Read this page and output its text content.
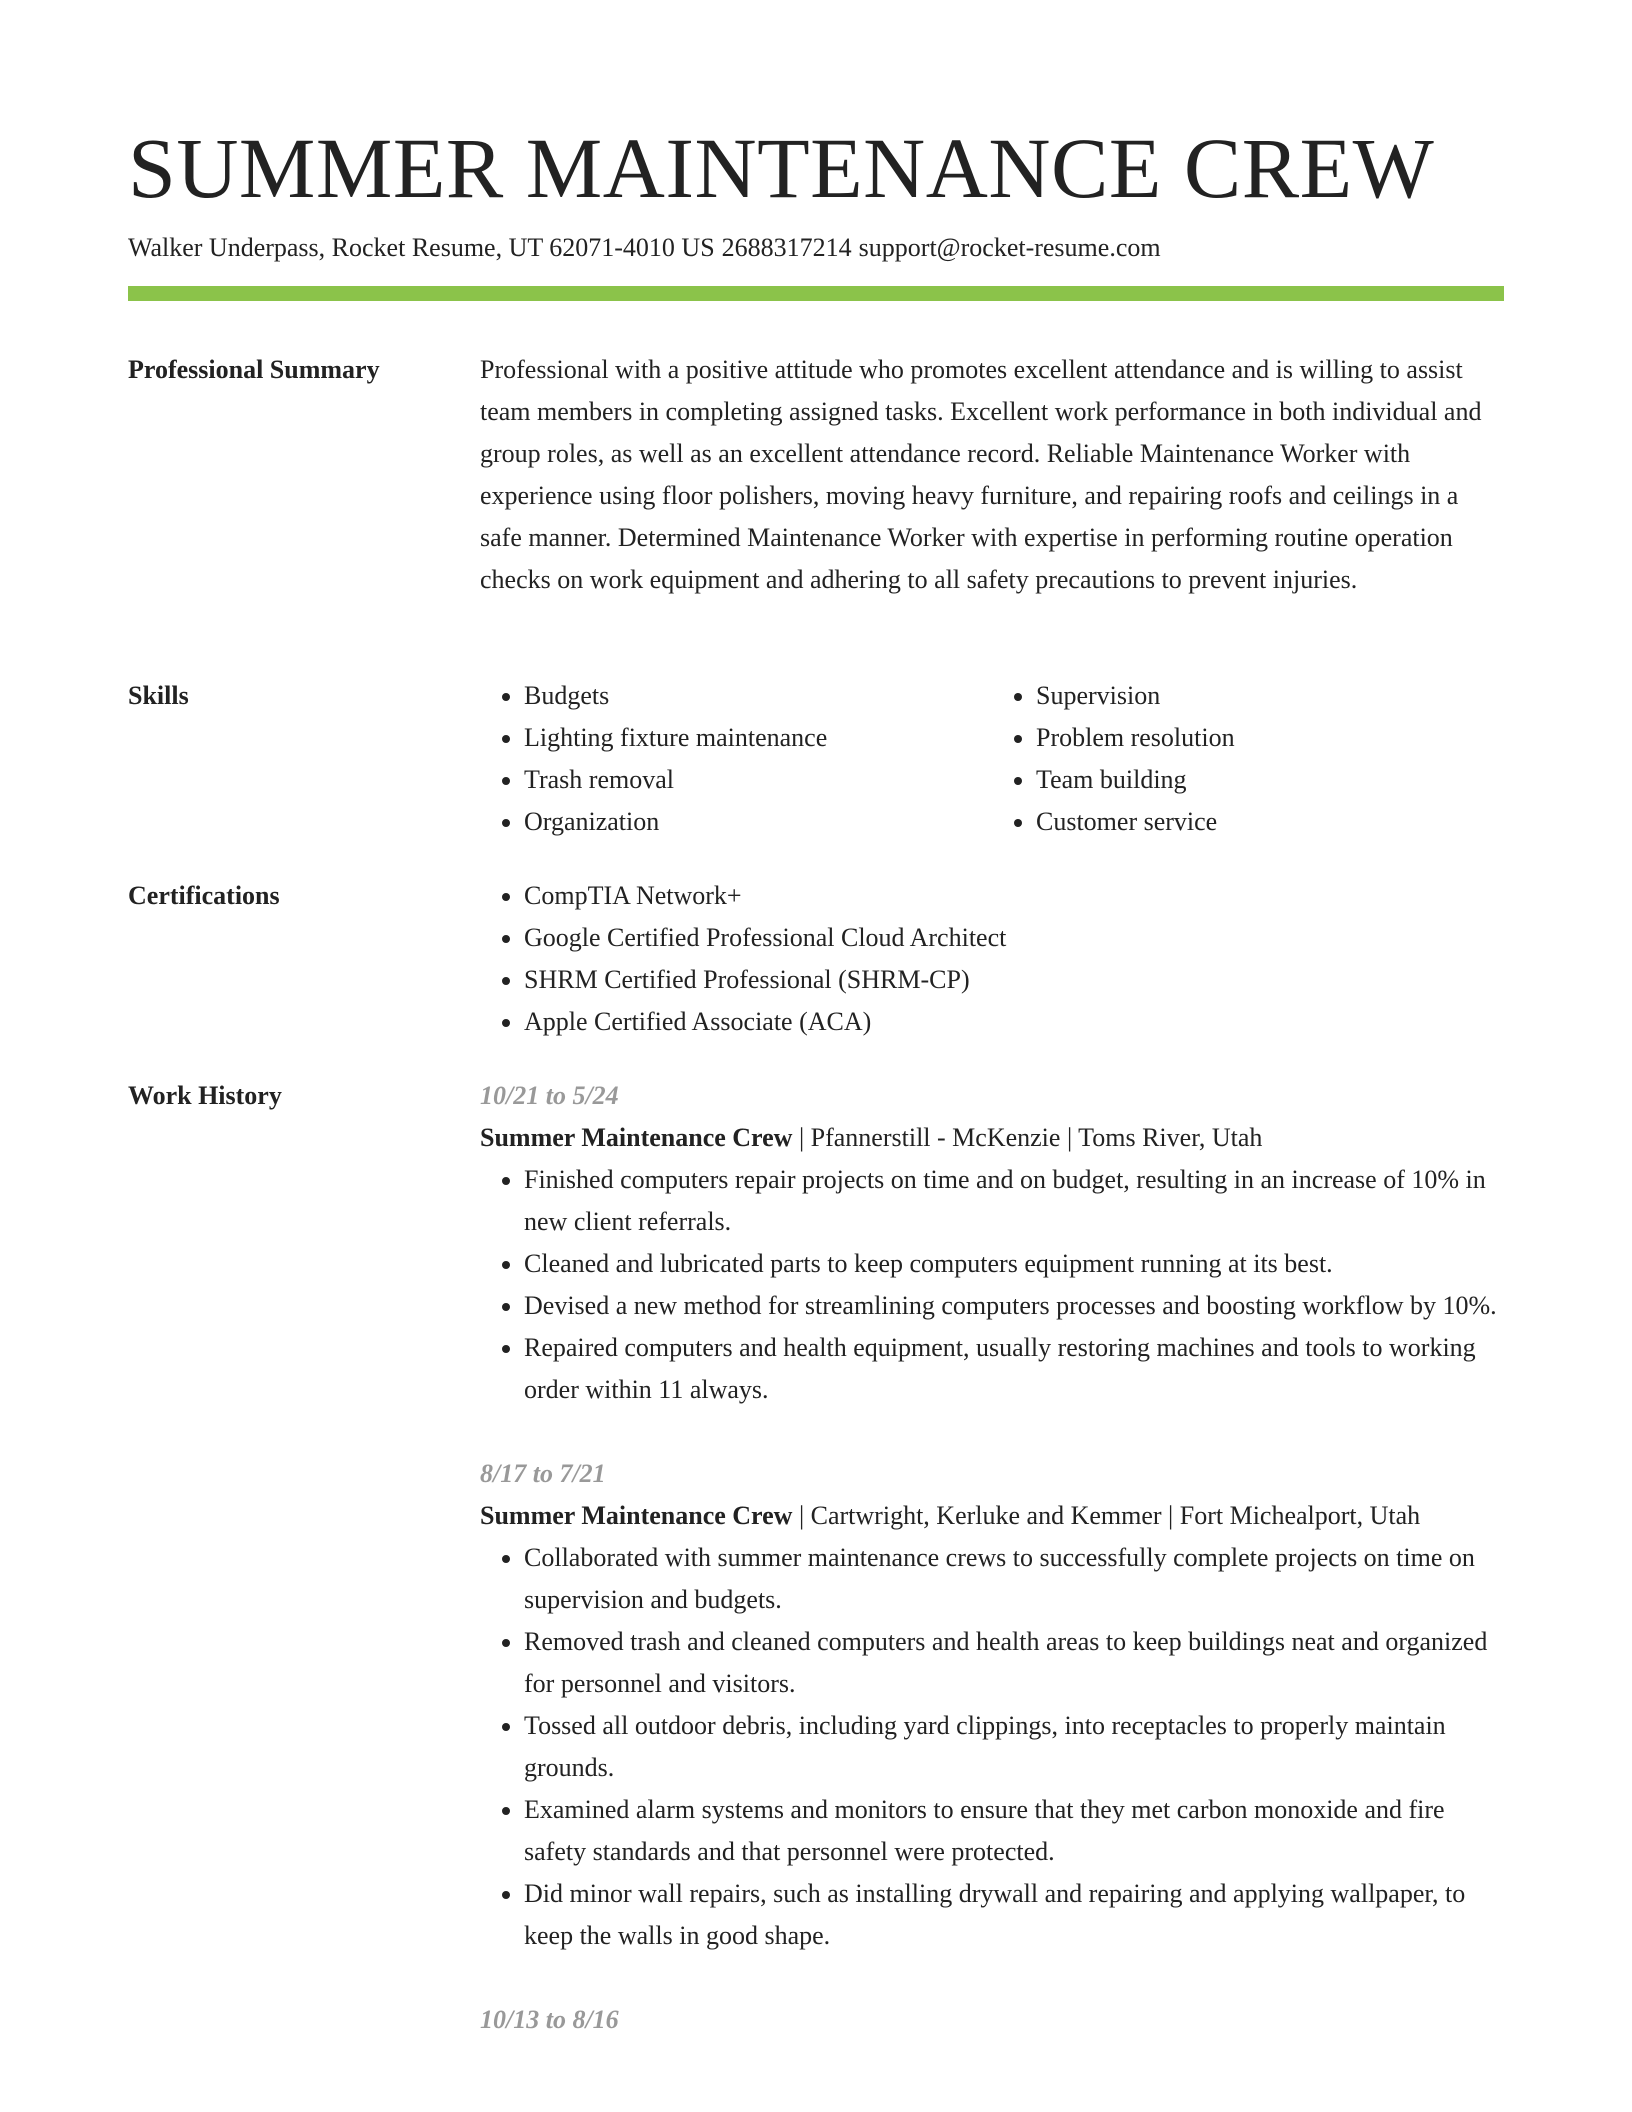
SUMMER MAINTENANCE CREW
Walker Underpass, Rocket Resume, UT 62071-4010 US 2688317214 support@rocket-resume.com
Professional Summary	Professional with a positive attitude who promotes excellent attendance and is willing to assist team members in completing assigned tasks. Excellent work performance in both individual and group roles, as well as an excellent attendance record. Reliable Maintenance Worker with experience using floor polishers, moving heavy furniture, and repairing roofs and ceilings in a safe manner. Determined Maintenance Worker with expertise in performing routine operation checks on work equipment and adhering to all safety precautions to prevent injuries.

Skills	• Budgets
• Lighting fixture maintenance
• Trash removal
• Organization
• Supervision
• Problem resolution
• Team building
• Customer service
Certifications	• CompTIA Network+
• Google Certified Professional Cloud Architect
• SHRM Certified Professional (SHRM-CP)
• Apple Certified Associate (ACA)
Work History	10/21 to 5/24
Summer Maintenance Crew | Pfannerstill - McKenzie | Toms River, Utah
• Finished computers repair projects on time and on budget, resulting in an increase of 10% in new client referrals.
• Cleaned and lubricated parts to keep computers equipment running at its best.
• Devised a new method for streamlining computers processes and boosting workflow by 10%.
• Repaired computers and health equipment, usually restoring machines and tools to working order within 11 always.
8/17 to 7/21
Summer Maintenance Crew | Cartwright, Kerluke and Kemmer | Fort Michealport, Utah
• Collaborated with summer maintenance crews to successfully complete projects on time on supervision and budgets.
• Removed trash and cleaned computers and health areas to keep buildings neat and organized for personnel and visitors.
• Tossed all outdoor debris, including yard clippings, into receptacles to properly maintain grounds.
• Examined alarm systems and monitors to ensure that they met carbon monoxide and fire safety standards and that personnel were protected.
• Did minor wall repairs, such as installing drywall and repairing and applying wallpaper, to keep the walls in good shape.
10/13 to 8/16
